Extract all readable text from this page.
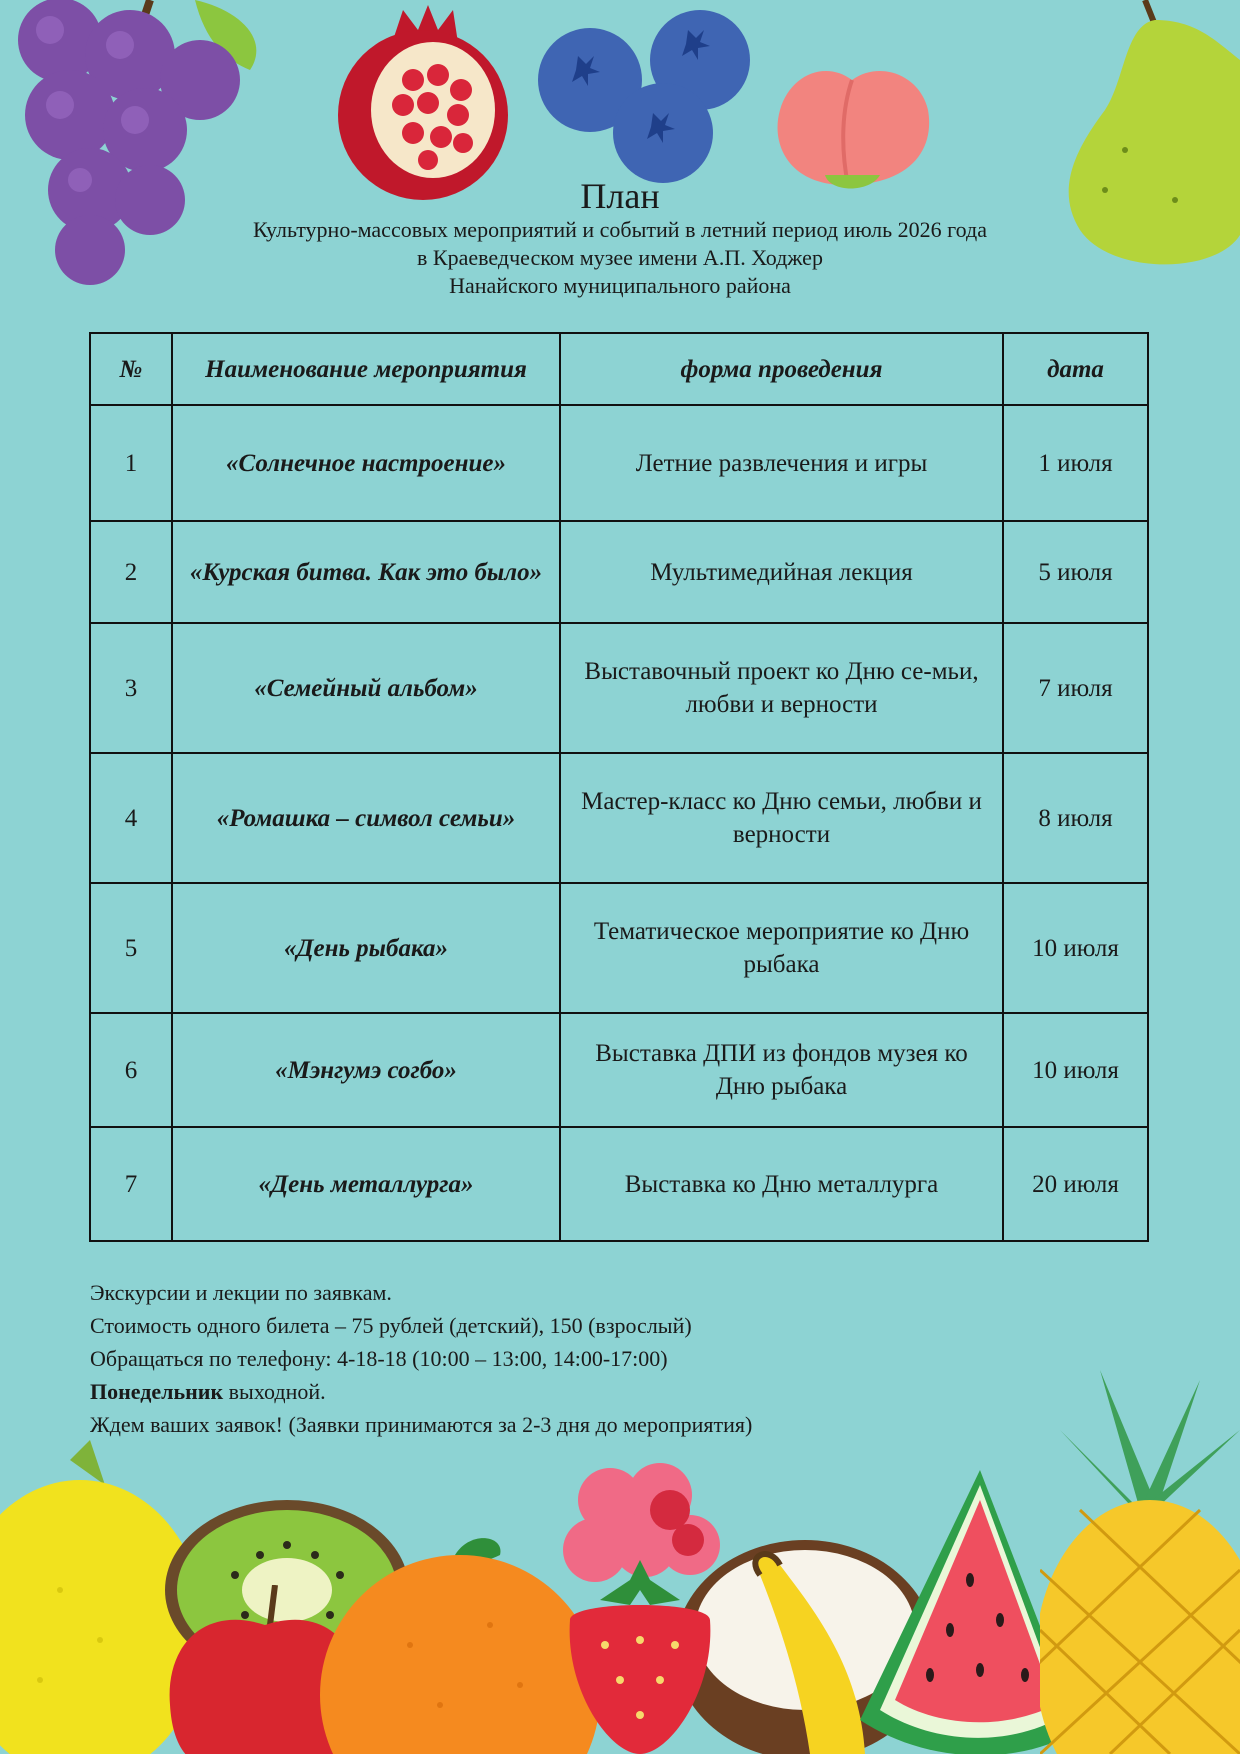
План

Культурно-массовых мероприятий и событий в летний период июль 2026 года

в Краеведческом музее имени А.П. Ходжер

Нанайского муниципального района

№	Наименование мероприятия	форма проведения	дата
1	«Солнечное настроение»	Летние развлечения и игры	1 июля
2	«Курская битва. Как это было»	Мультимедийная лекция	5 июля
3	«Семейный альбом»	Выставочный проект ко Дню се-мьи, любви и верности	7 июля
4	«Ромашка – символ семьи»	Мастер-класс ко Дню семьи, любви и верности	8 июля
5	«День рыбака»	Тематическое мероприятие ко Дню рыбака	10 июля
6	«Мэнгумэ согбо»	Выставка ДПИ из фондов музея ко Дню рыбака	10 июля
7	«День металлурга»	Выставка ко Дню металлурга	20 июля

Экскурсии и лекции по заявкам.

Стоимость одного билета – 75 рублей (детский), 150 (взрослый)

Обращаться по телефону: 4-18-18 (10:00 – 13:00, 14:00-17:00)

Понедельник выходной.

Ждем ваших заявок! (Заявки принимаются за 2-3 дня до мероприятия)
